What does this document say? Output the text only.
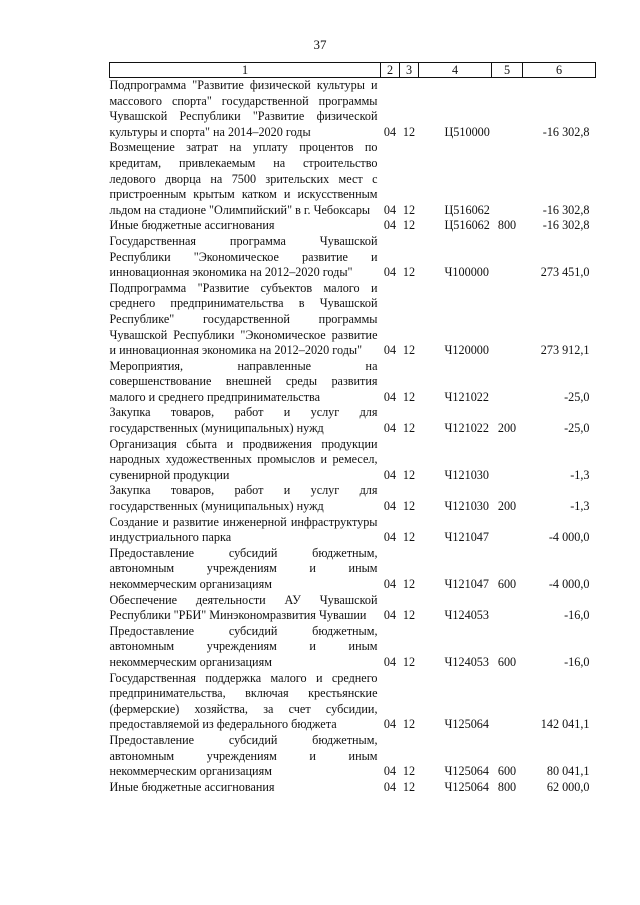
37
1	2	3	4	5	6
Подпрограмма "Развитие физической культуры и массового спорта" государственной программы Чувашской Республики "Развитие физической культуры и спорта" на 2014–2020 годы	04	12	Ц510000		-16 302,8
Возмещение затрат на уплату процентов по кредитам, привлекаемым на строительство ледового дворца на 7500 зрительских мест с пристроенным крытым катком и искусственным льдом на стадионе "Олимпийский" в г. Чебоксары	04	12	Ц516062		-16 302,8
Иные бюджетные ассигнования	04	12	Ц516062	800	-16 302,8
Государственная программа Чувашской Республики "Экономическое развитие и инновационная экономика на 2012–2020 годы"	04	12	Ч100000		273 451,0
Подпрограмма "Развитие субъектов малого и среднего предпринимательства в Чувашской Республике" государственной программы Чувашской Республики "Экономическое развитие и инновационная экономика на 2012–2020 годы"	04	12	Ч120000		273 912,1
Мероприятия, направленные на совершенствование внешней среды развития малого и среднего предпринимательства	04	12	Ч121022		-25,0
Закупка товаров, работ и услуг для государственных (муниципальных) нужд	04	12	Ч121022	200	-25,0
Организация сбыта и продвижения продукции народных художественных промыслов и ремесел, сувенирной продукции	04	12	Ч121030		-1,3
Закупка товаров, работ и услуг для государственных (муниципальных) нужд	04	12	Ч121030	200	-1,3
Создание и развитие инженерной инфраструктуры индустриального парка	04	12	Ч121047		-4 000,0
Предоставление субсидий бюджетным, автономным учреждениям и иным некоммерческим организациям	04	12	Ч121047	600	-4 000,0
Обеспечение деятельности АУ Чувашской Республики "РБИ" Минэкономразвития Чувашии	04	12	Ч124053		-16,0
Предоставление субсидий бюджетным, автономным учреждениям и иным некоммерческим организациям	04	12	Ч124053	600	-16,0
Государственная поддержка малого и среднего предпринимательства, включая крестьянские (фермерские) хозяйства, за счет субсидии, предоставляемой из федерального бюджета	04	12	Ч125064		142 041,1
Предоставление субсидий бюджетным, автономным учреждениям и иным некоммерческим организациям	04	12	Ч125064	600	80 041,1
Иные бюджетные ассигнования	04	12	Ч125064	800	62 000,0
